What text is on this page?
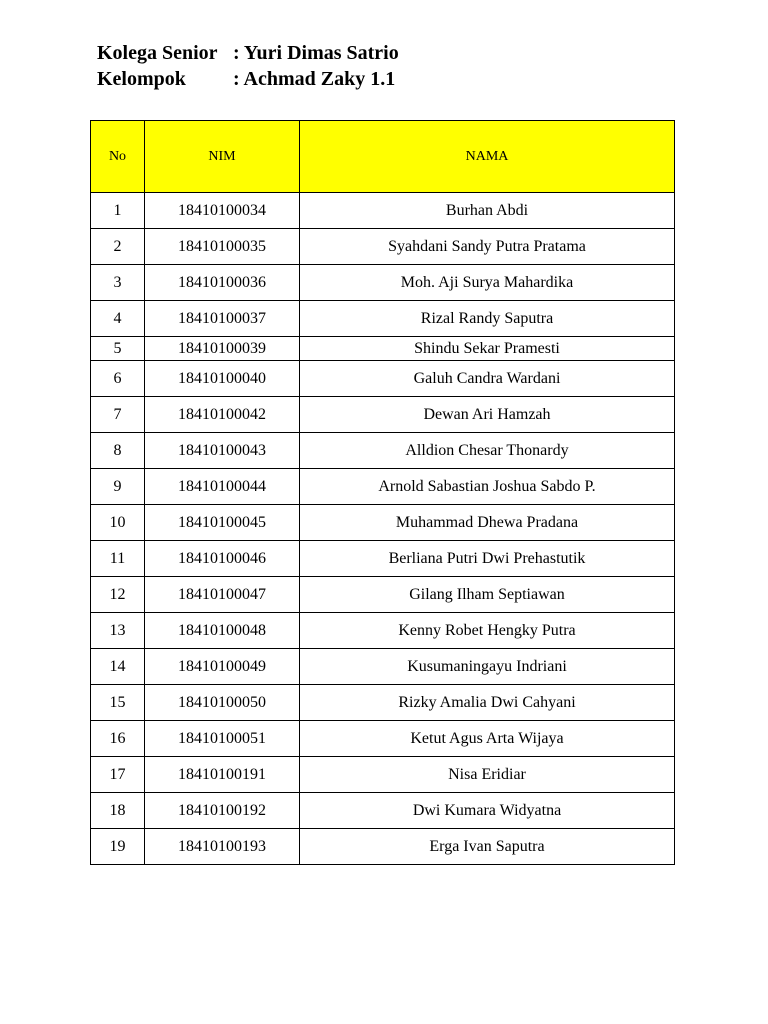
Kolega Senior : Yuri Dimas Satrio
Kelompok	: Achmad Zaky 1.1
No	NIM	NAMA
1	18410100034	Burhan Abdi
2	18410100035	Syahdani Sandy Putra Pratama
3	18410100036	Moh. Aji Surya Mahardika
4	18410100037	Rizal Randy Saputra
5	18410100039	Shindu Sekar Pramesti
6	18410100040	Galuh Candra Wardani
7	18410100042	Dewan Ari Hamzah
8	18410100043	Alldion Chesar Thonardy
9	18410100044	Arnold Sabastian Joshua Sabdo P.
10	18410100045	Muhammad Dhewa Pradana
11	18410100046	Berliana Putri Dwi Prehastutik
12	18410100047	Gilang Ilham Septiawan
13	18410100048	Kenny Robet Hengky Putra
14	18410100049	Kusumaningayu Indriani
15	18410100050	Rizky Amalia Dwi Cahyani
16	18410100051	Ketut Agus Arta Wijaya
17	18410100191	Nisa Eridiar
18	18410100192	Dwi Kumara Widyatna
19	18410100193	Erga Ivan Saputra
